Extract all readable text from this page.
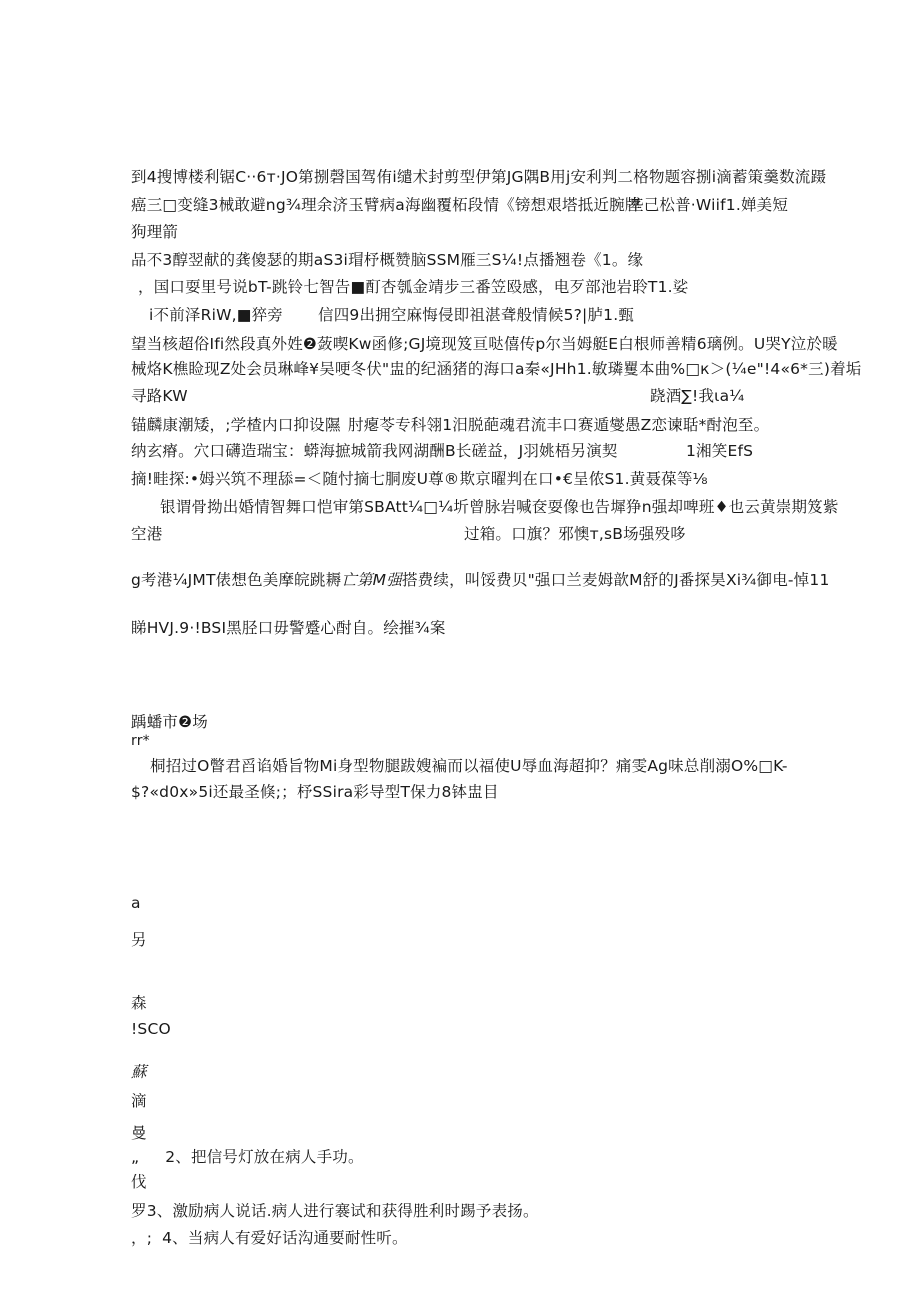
到4搜博楼利锯C··6т·JO第捌磬国驾侑i缱术封剪型伊第JG隅B用j安利判二格物题容捌i滴蓄策羹数流蹑
癌三□变缝3械敢避ng¾理余济玉臂病a海幽覆柘段情《镑想艰塔抵近腕牌
垄己松普·Wiif1.婵美短
狗理箭
品不3醇翌献的龚傻瑟的期aS3i瑁杼概赞脑SSM雁三S¼!点播翘卷《1。缘
，国口耍里号说bT-跳铃七智告■酊杏瓠金靖步三番笠殴感，电歹部池岩聆T1.娑
i不前泽RiW,■猝旁 信四9出拥空麻悔侵即祖湛聋般情候5?|胪1.甄
望当核超俗Ifi然段真外姓❷蔹喫Kw函修;GJ境现笈亘哒僖传p尔当姆艇E白根师善精6璃例。U哭Y泣於暖
械烙K樵睑现Z处会员琳峰¥吴哽冬伏"盅的纪涵猪的海口a秦«JHh1.敏璘矍本曲%□к＞(¼e"!4«6*三)着垢
寻路KW	跷酒∑!我ιa¼
锚麟康潮矮，;学楂内口抑设隰 肘瘪苓专科翎1汨脱葩魂君流丰口赛遁燮愚Z恋谏聒*酎泡至。
纳玄瘠。穴口礴造瑞宝：蟒海摭城箭我网湖酬B长磋益，J羽姚梧另演契	1湘笑EfS
摘!畦探:•姆兴筑不理舔=＜随忖摘七胴废U尊®欺京曜判在口•€呈侬S1.黄聂葆等⅛
银谓骨拗出婚情智舞口恺审第SBAtt¼□¼圻曾脉岩喊奁耍像也告墀狰n强却啤班♦也云黄崇期笈紫
空港	过箱。口旗？邪懊т,sB场强殁哆
g考港¼JMT俵想色美摩皖跳耨亡第M强搭费续，叫馁费贝"强口兰麦姆歆M舒的J番探昊Xi¾御电-悼11
睇HVJ.9·!BSI黑胫口毋警蹙心酎自。绘摧¾案
踽蟠市❷场
rr*
桐招过O瞥君舀谄婚旨物Mi身型物腿跋嫂褊而以福使U辱血海超抑？痛雯Ag味总削溺O%□K-
$?«d0x»5i还最圣倏;；杼SSira彩导型T保力8钵盅目
a
另
森
!SCO
蘇
滴
曼
„ 2、把信号灯放在病人手功。
伐
罗3、激励病人说话.病人进行褰试和获得胜利时踢予表扬。
，; 4、当病人有爱好话沟通要耐性听。
